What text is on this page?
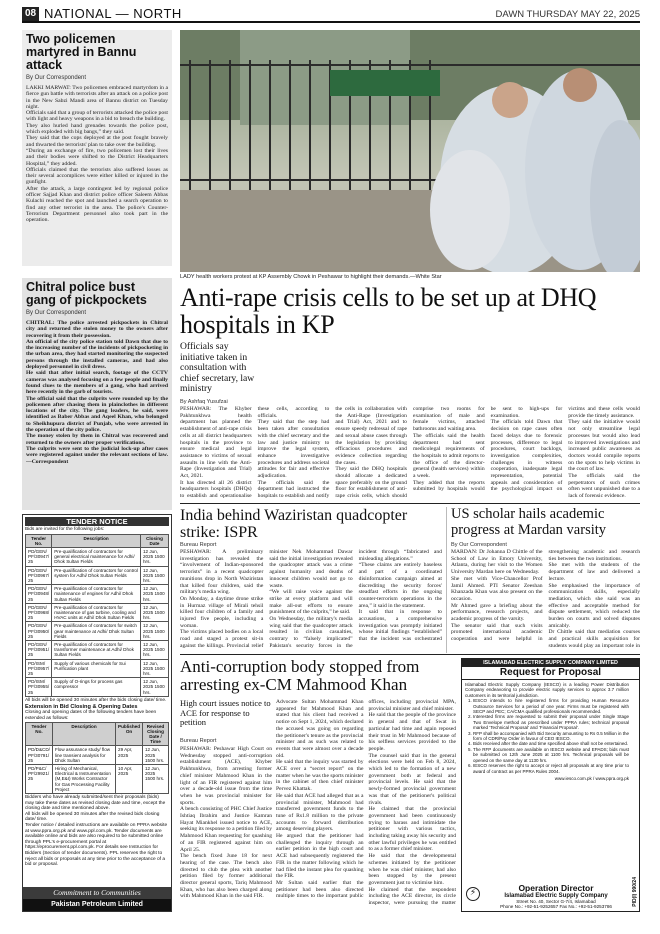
08 NATIONAL — NORTH	DAWN THURSDAY MAY 22, 2025
Two policemen martyred in Bannu attack
By Our Correspondent

LAKKI MARWAT: Two policemen embraced martyrdom in a fierce gun battle with terrorists after an attack on a police post in the New Sabzi Mandi area of Bannu district on Tuesday night.

Officials said that a group of terrorists attacked the police post with light and heavy weapons in a bid to breach the building.

They also hurled hand grenades towards the police post, which exploded with big bangs,” they said.

They said that the cops deployed at the post fought bravely and thwarted the terrorists' plan to take over the building.

“During an exchange of fire, two policemen lost their lives and their bodies were shifted to the District Headquarters Hospital,” they added.

Officials claimed that the terrorists also suffered losses as their several accomplices were either killed or injured in the gunfight.

After the attack, a large contingent led by regional police officer Sajjad Khan and district police officer Saleem Abbas Kulachi reached the spot and launched a search operation to find any other terrorist in the area. The police's Counter-Terrorism Department personnel also took part in the operation.

Chitral police bust gang of pickpockets
By Our Correspondent

CHITRAL: The police arrested pickpockets in Chitral city and returned the stolen money to the owners after recovering it from their possession.

An official of the city police station told Dawn that due to the increasing number of the incidents of pickpocketing in the urban area, they had started monitoring the suspected persons through the installed cameras, and had also deployed personnel in civil dress.

He said that after initial search, footage of the CCTV cameras was analysed focusing on a few people and finally found clues to the members of a gang, who had arrived here recently in the garb of tourists.

The official said that the culprits were rounded up by the policemen after chasing them in plainclothes in different locations of the city. The gang leaders, he said, were identified as Baber Abbas and Aqeel Khan, who belonged to Sheikhupura district of Punjab, who were arrested in the operation of the city police.

The money stolen by them in Chitral was recovered and returned to the owners after proper verifications.

The culprits were sent to the judicial lock-up after cases were registered against under the relevant sections of law. —Correspondent

LADY health workers protest at KP Assembly Chowk in Peshawar to highlight their demands.—White Star
Anti-rape crisis cells to be set up at DHQ hospitals in KP
Officials say initiative taken in consultation with chief secretary, law ministry
By Ashfaq Yusufzai

PESHAWAR: The Khyber Pakhtunkhwa health department has planned the establishment of anti-rape crisis cells at all district headquarters hospitals in the province to ensure medical and legal assistance to victims of sexual assaults in line with the Anti-Rape (Investigation and Trial) Act, 2021.

It has directed all 26 district headquarters hospitals (DHQs) to establish and operationalise these cells, according to officials.

They said that the step had been taken after consultation with the chief secretary and the law and justice ministry to improve the legal system, enhance investigative procedures and address societal attitudes for fair and effective adjudication.

The officials said the department had instructed the hospitals to establish and notify the cells in collaboration with the Anti-Rape (Investigation and Trial) Act, 2021 and to ensure speedy redressal of rape and sexual abuse cases through the legislation by providing efficacious procedures and evidence collection regarding the cases.

They said the DHQ hospitals should allocate a dedicated space preferably on the ground floor for establishment of anti-rape crisis cells, which should comprise two rooms for examination of male and female victims, attached bathrooms and waiting area.

The officials said the health department had sent medicolegal requirements of the hospitals to admit reports to the office of the director-general (health services) within a week.

They added that the reports submitted by hospitals would be sent to high-ups for examination.

The officials told Dawn that decision on rape cases often faced delays due to forensic processes, difference to legal procedures, court backlogs, investigation complexities, challenges in witness cooperation, inadequate legal representation, potential appeals and consideration of the psychological impact on victims and these cells would provide the timely assistance.

They said the initiative would not only streamline legal processes but would also lead to improved investigations and increased public awareness as doctors would compile reports on the spots to help victims in the court of law.

The officials said the perpetrators of such crimes often went unpunished due to a lack of forensic evidence.

TENDER NOTICE
Bids are invited for the following jobs:
Tender No.	Description	Closing Date
PD/GEN/ PF/30947/ 25	Pre-qualification of contractors for general electrical maintenance for Adhi/ Dhok Sultan Fields	12 Jun, 2025 1500 hrs.
PD/GEN/ PF/30967/ 25	Pre-qualification of contractors for control system for Adhi/ Dhok Sultan Fields	12 Jun, 2025 1500 hrs.
PD/GEN/ PF/30948/ 25	Pre-qualification of contractors for maintenance of engines for Adhi/ Dhok Sultan Fields	12 Jun, 2025 1500 hrs.
PD/GEN/ PF/30968/ 25	Pre-qualification of contractors for maintenance of gas turbine, cooling and HVAC units at Adhi/ Dhok Sultan Fields	12 Jun, 2025 1500 hrs.
PD/GEN/ PF/30950/ 25	Pre-qualification of contractors for switch gear maintenance at Adhi/ Dhok Sultan Fields	12 Jun, 2025 1500 hrs.
PD/GEN/ PF/30951/ 25	Pre-qualification of contractors for transformer maintenance at Adhi/ Dhok Sultan Fields	12 Jun, 2025 1500 hrs.
PD/ISM/ PF/30957/ 25	Supply of various chemicals for Sui Purification plant	12 Jun, 2025 1500 hrs.
PD/ISM/ PF/30955/ 25	Supply of O-rings for process gas compressor	12 Jun, 2025 1500 hrs.
All bids will be opened 30 minutes after the bids closing date/ time.
Extension in Bid Closing & Opening Dates
Closing and opening dates of the following tenders have been extended as follows:
Tender No.	Description	Published On	Revised Closing Date / Time
PD/D&CD/ PF/30791/ 25	Flow assurance study/ flow line transient analysis for Dhok Sultan	29 Apr, 2025	12 Jun, 2025 1500 hrs.
PD/P&C/ PF/29921/ 25	Hiring of Mechanical, Electrical & Instrumentation (M,E&I) Works Contractor for Gas Processing Facility Project	10 Apr, 2025	12 Jun, 2025 1500 hrs.
Bidders who have already submitted/sent their proposals (bids) may take these dates as revised closing date and time, except the closing date and time mentioned above.
All bids will be opened 30 minutes after the revised bids closing date/ time.
Tender notice / detailed instructions are available on PPRA website at www.ppra.org.pk and www.ppl.com.pk. Tender documents are available online and bids are also required to be submitted online through PPL's e-procurement portal at https://eprocurement.ppl.com.pk. For details see Instruction for Bidders (Section of tender documents). PPL reserves the right to reject all bids or proposals at any time prior to the acceptance of a bid or proposal.
Commitment to Communities
Pakistan Petroleum Limited
India behind Waziristan quadcopter strike: ISPR
Bureau Report

PESHAWAR: A preliminary investigation has revealed the “involvement of Indian-sponsored terrorists” in a recent quadcopter munitions drop in North Waziristan that killed four children, said the military's media wing.

On Monday, a daytime drone strike in Hurmaz village of Mirali tehsil killed four children of a family and injured five people, including a woman.

The victims placed bodies on a local road and staged a protest sit-in against the killings. Provincial relief minister Nek Mohammad Dawar said the initial investigation revealed the quadcopter attack was a crime against humanity and deaths of innocent children would not go to waste.

“We will raise voice against the strike at every platform and will make all-out efforts to ensure punishment of the culprits,” he said.

On Wednesday, the military's media wing said that the quadcopter attack resulted in civilian casualties, contrary to “falsely implicated” Pakistan's security forces in the incident through “fabricated and misleading allegations.”

“These claims are entirely baseless and part of a coordinated disinformation campaign aimed at discrediting the security forces' steadfast efforts in the ongoing counter-terrorism operations in the area,” it said in the statement.

It said that in response to accusations, a comprehensive investigation was promptly initiated whose initial findings “established” that the incident was orchestrated

US scholar hails academic progress at Mardan varsity
By Our Correspondent

MARDAN: Dr Johanna D Chittle of the School of Law in Emory University, Atlanta, during her visit to the Women University Mardan here on Wednesday.

She met with Vice-Chancellor Prof Jamil Ahmed. PTI Senator Zeeshan Khanzada Khan was also present on the occasion.

Mr Ahmed gave a briefing about the performance, research projects, and academic progress of the varsity.

The senator said that such visits promoted international academic cooperation and were helpful in strengthening academic and research ties between the two institutions.

She met with the students of the department of law and delivered a lecture.

She emphasised the importance of communication skills, especially mediation, which she said was an effective and acceptable method for dispute settlement, which reduced the burden on courts and solved disputes amicably.

Dr Chittle said that mediation courses and practical skills acquisition for students would play an important role in

Anti-corruption body stopped from arresting ex-CM Mahmood Khan
High court issues notice to ACE for response to petition
Bureau Report

PESHAWAR: Peshawar High Court on Wednesday stopped anti-corruption establishment (ACE), Khyber Pakhtunkhwa, from arresting former chief minister Mahmood Khan in the light of an FIR registered against him over a decade-old issue from the time when he was provincial minister for sports.

A bench consisting of PHC Chief Justice Ishtiaq Ibrahim and Justice Kamran Hayat Miankhel issued notice to ACE, seeking its response to a petition filed by Mahmood Khan requesting for quashing of an FIR registered against him on April 25.

The bench fixed June 18 for next hearing of the case. The bench also directed to club the plea with another petition filed by former additional director general sports, Tariq Mahmood Khan, who has also been charged along with Mahmood Khan in the said FIR.

Advocate Sultan Mohammad Khan appeared for Mahmood Khan and stated that his client had received a notice on Sept 1, 2024, which declared the accused was going on regarding the petitioner's tenure as the provincial minister and as such was related to events that were almost over a decade old.

He said that the inquiry was started by ACE over a “secret report” on the matter when he was the sports minister in the cabinet of then chief minister Pervez Khattak.

He said that ACE had alleged that as a provincial minister, Mahmood had transferred government funds to the tune of Rs1.8 million to the private accounts to forward distribution among deserving players.

He argued that the petitioner had challenged the inquiry through an earlier petition in the high court and ACE had subsequently registered the FIR in the matter following which he had filed the instant plea for quashing the FIR.

Mr Sultan said earlier that the petitioner had been also directed multiple times to the important public offices, including provincial MPA, provincial minister and chief minister.

He said that the people of the province in general and that of Swat in particular had time and again reposed their trust in Mr Mahmood because of his selfless services provided to the people.

The counsel said that in the general elections were held on Feb 8, 2024, which led to the formation of a new government both at federal and provincial levels. He said that the newly-formed provincial government was that of the petitioner's political rivals.

He claimed that the provincial government had been continuously trying to harass and intimidate the petitioner with various tactics, including taking away his security and other lawful privileges he was entitled to as a former chief minister.

He said that the developmental schemes initiated by the petitioner when he was chief minister, had also been stopped by the present government just to victimise him.

He claimed that the respondent including the ACE director, its circle inspector, were pursuing the matter

ISLAMABAD ELECTRIC SUPPLY COMPANY LIMITED
Request for Proposal
Islamabad Electric Supply Company (IESCO) is a leading Power Distribution Company endeavoring to provide electric supply services to approx 3.7 million customers in its territorial jurisdiction.
1. IESCO intends to hire registered firms for providing Human Resource Outsource Services for a period of one year. Firms must be registered with SECP and PEC; CA/CMA qualified professionals recommended.
2. Interested firms are requested to submit their proposal under Single Stage Two Envelope method as prescribed under PPRA rules; technical proposal marked ‘Technical Proposal’ and ‘Financial Proposal’.
3. RFP shall be accompanied with Bid Security amounting to Rs 0.5 Million in the form of CDR/Pay Order in favour of CEO IESCO.
4. Bids received after the date and time specified above shall not be entertained.
5. The RFP documents are available on IESCO website and EPADS; bids must be submitted on 12th June 2025 at 1100 hrs. Technical proposals will be opened on the same day at 1130 hrs.
6. IESCO reserves the right to accept or reject all proposals at any time prior to award of contract as per PPRA Rules 2004.
www.iesco.com.pk / www.ppra.org.pk
Operation Director
Islamabad Electric Supply Company
Street No. 40, Sector G-7/4, Islamabad
Phone No.: +92-51-9252657 Fax No.: +92-51-9253786	PID(I) 990/24
⚡
